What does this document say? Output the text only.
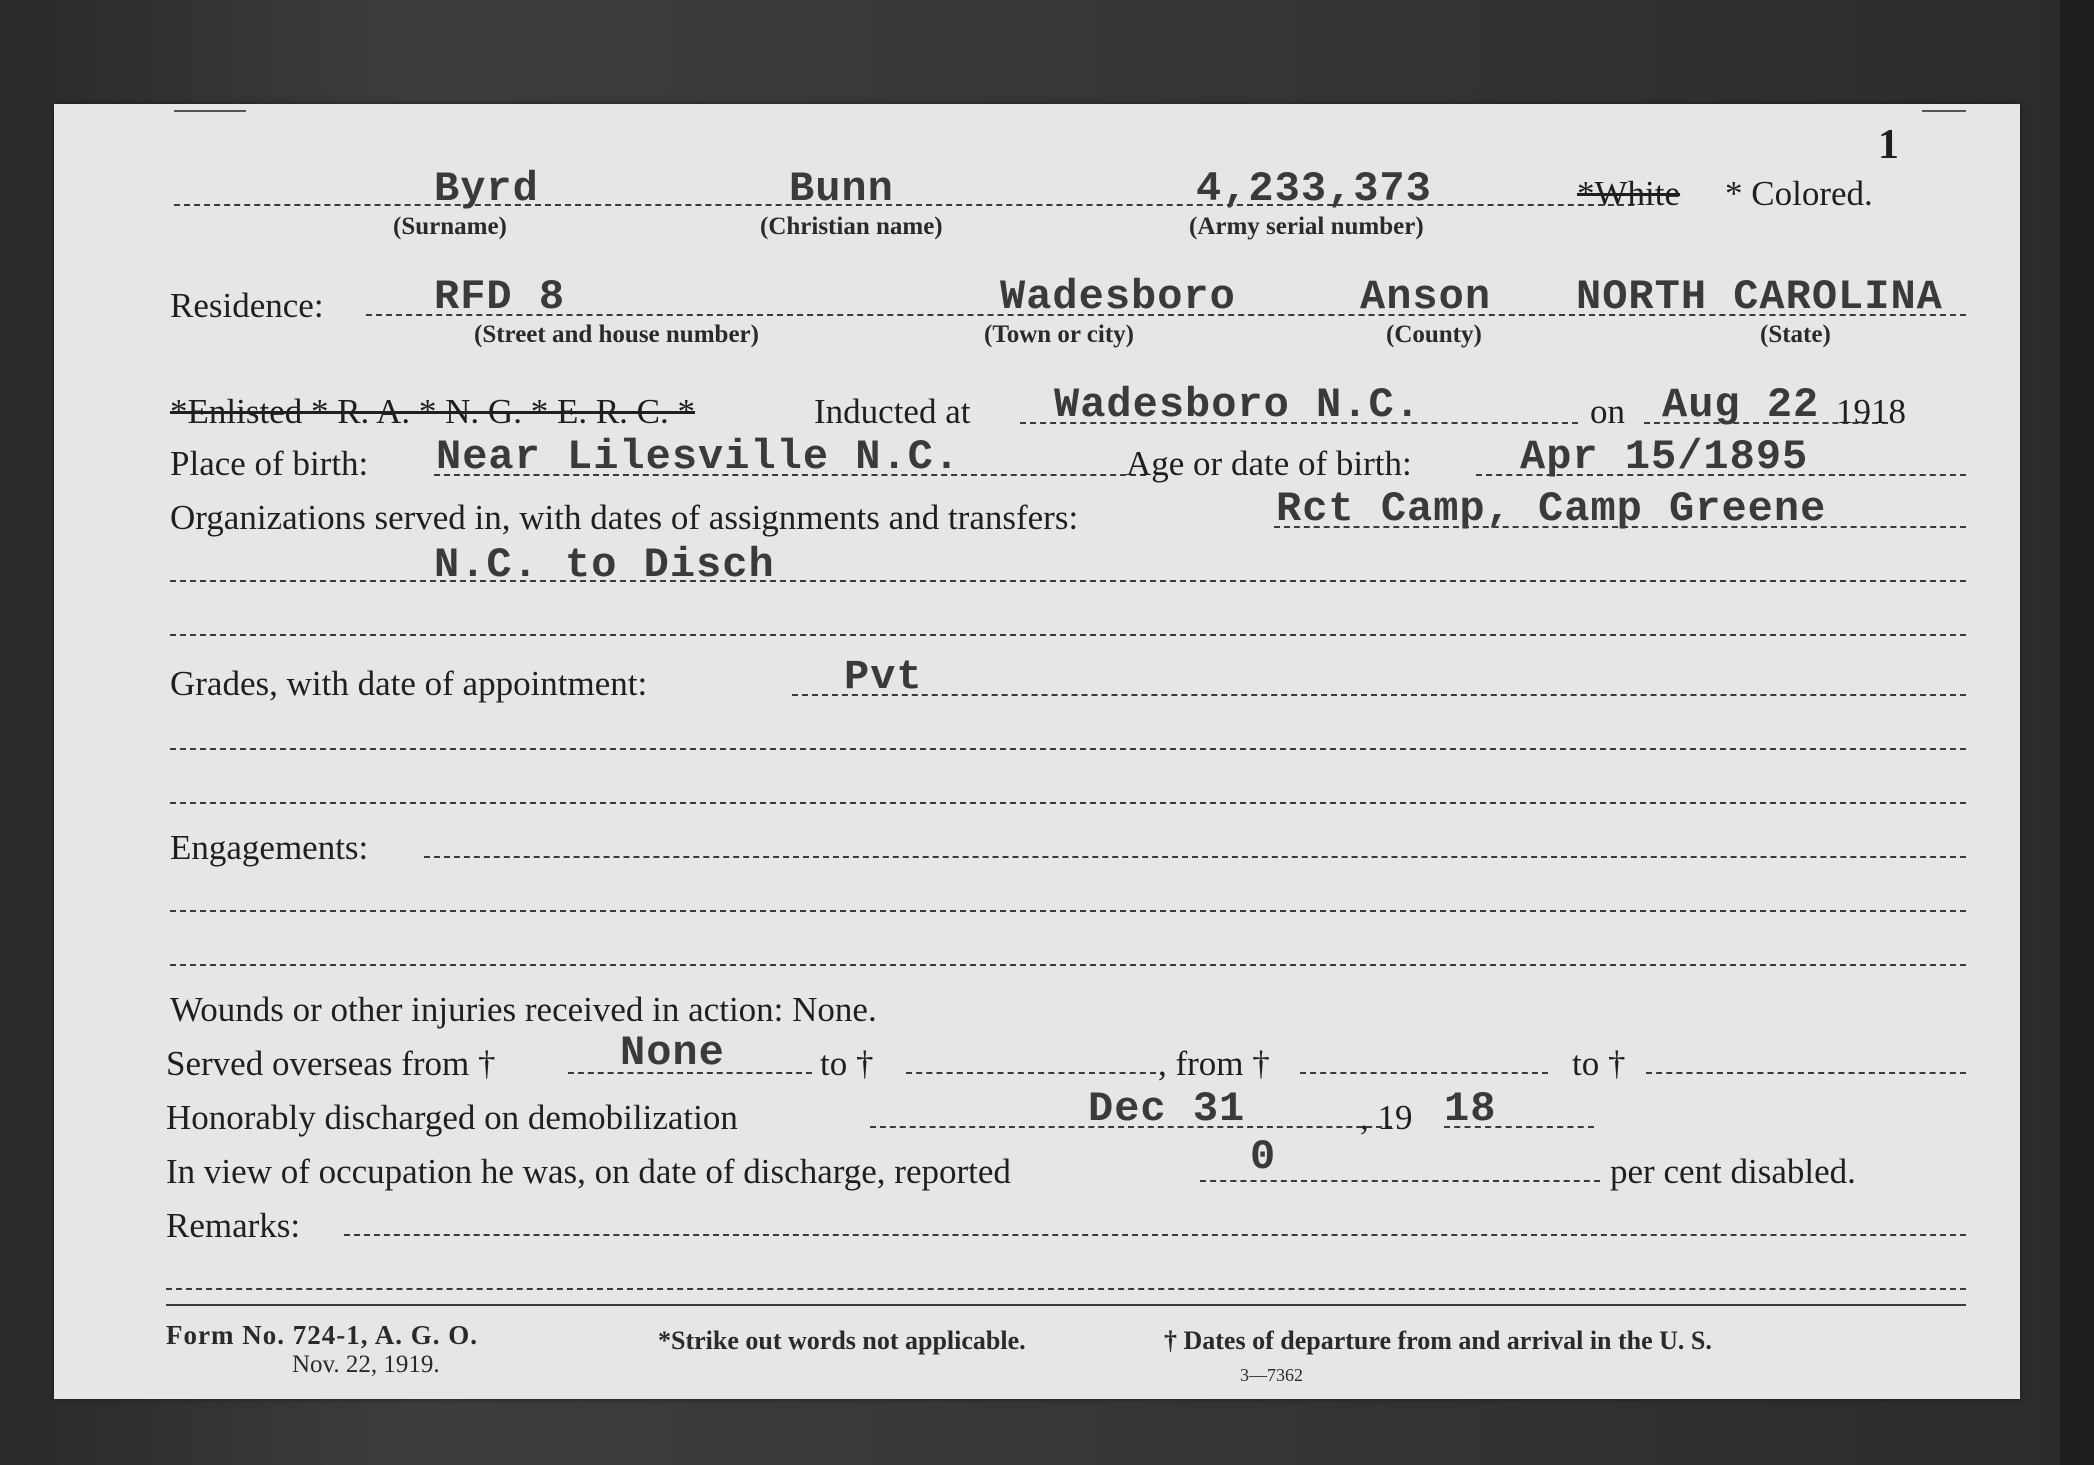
1
Byrd
(Surname)
Bunn
(Christian name)
4,233,373
(Army serial number)
*White * Colored.
Residence:	RFD 8
(Street and house number)
Wadesboro
(Town or city)
Anson
(County)
NORTH CAROLINA
(State)
*Enlisted * R. A. * N. G. * E. R. C. *	Inducted at Wadesboro N.C.	on Aug 22 1918
Place of birth: Near Lilesville N.C.	Age or date of birth:	Apr 15/1895
Organizations served in, with dates of assignments and transfers:	Rct Camp, Camp Greene
N.C. to Disch
Grades, with date of appointment:	Pvt
Engagements:
Wounds or other injuries received in action: None.
Served overseas from †	None	to †	, from †	to †
Honorably discharged on demobilization	Dec 31	, 19 18
In view of occupation he was, on date of discharge, reported	0	per cent disabled.
Remarks:
Form No. 724-1, A. G. O.
Nov. 22, 1919.
*Strike out words not applicable.	† Dates of departure from and arrival in the U. S.
3—7362
